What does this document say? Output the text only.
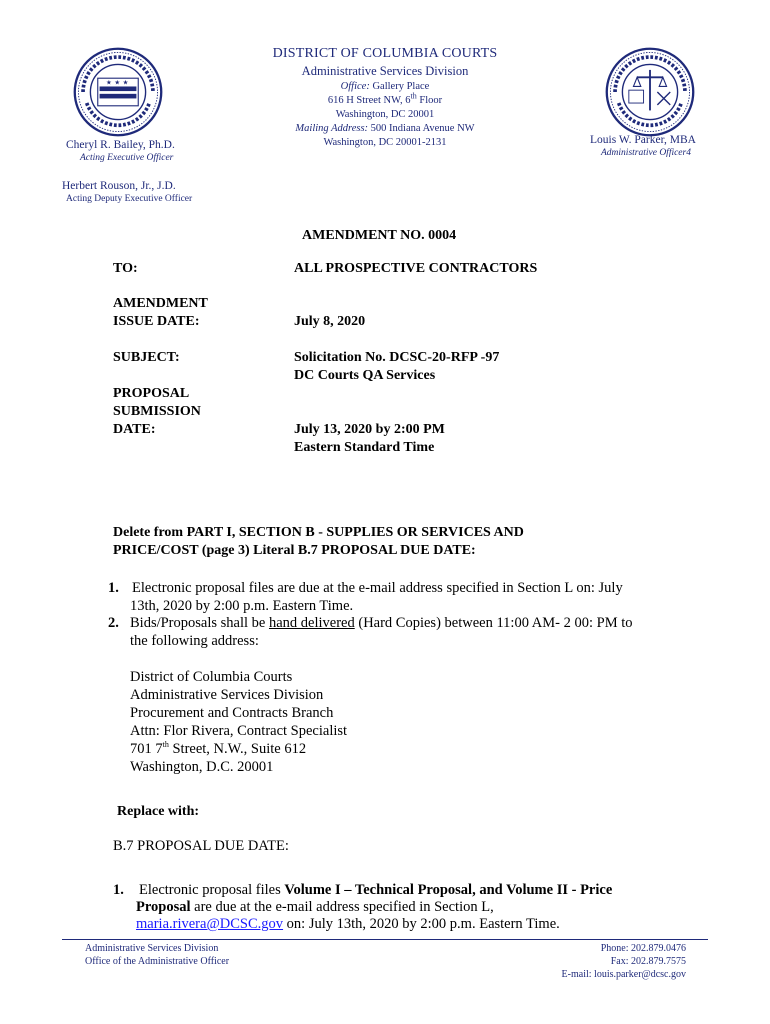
DISTRICT OF COLUMBIA COURTS
Administrative Services Division
Office: Gallery Place
616 H Street NW, 6th Floor
Washington, DC 20001
Mailing Address: 500 Indiana Avenue NW
Washington, DC 20001-2131
★ ★ ★
Cheryl R. Bailey, Ph.D.
Acting Executive Officer
Louis W. Parker, MBA
Administrative Officer4
Herbert Rouson, Jr., J.D.
Acting Deputy Executive Officer
AMENDMENT NO. 0004
TO:	ALL PROSPECTIVE CONTRACTORS
AMENDMENT
ISSUE DATE:	July 8, 2020
SUBJECT:	Solicitation No. DCSC-20-RFP -97
DC Courts QA Services
PROPOSAL
SUBMISSION
DATE:	July 13, 2020 by 2:00 PM
Eastern Standard Time
Delete from PART I, SECTION B - SUPPLIES OR SERVICES AND
PRICE/COST (page 3) Literal B.7 PROPOSAL DUE DATE:
1. Electronic proposal files are due at the e-mail address specified in Section L on: July
13th, 2020 by 2:00 p.m. Eastern Time.
2. Bids/Proposals shall be hand delivered (Hard Copies) between 11:00 AM- 2 00: PM to
the following address:
District of Columbia Courts
Administrative Services Division
Procurement and Contracts Branch
Attn: Flor Rivera, Contract Specialist
701 7th Street, N.W., Suite 612
Washington, D.C. 20001
Replace with:
B.7 PROPOSAL DUE DATE:
1. Electronic proposal files Volume I – Technical Proposal, and Volume II - Price
Proposal are due at the e-mail address specified in Section L,
maria.rivera@DCSC.gov on: July 13th, 2020 by 2:00 p.m. Eastern Time.
Administrative Services Division
Office of the Administrative Officer
Phone: 202.879.0476
Fax: 202.879.7575
E-mail: louis.parker@dcsc.gov
